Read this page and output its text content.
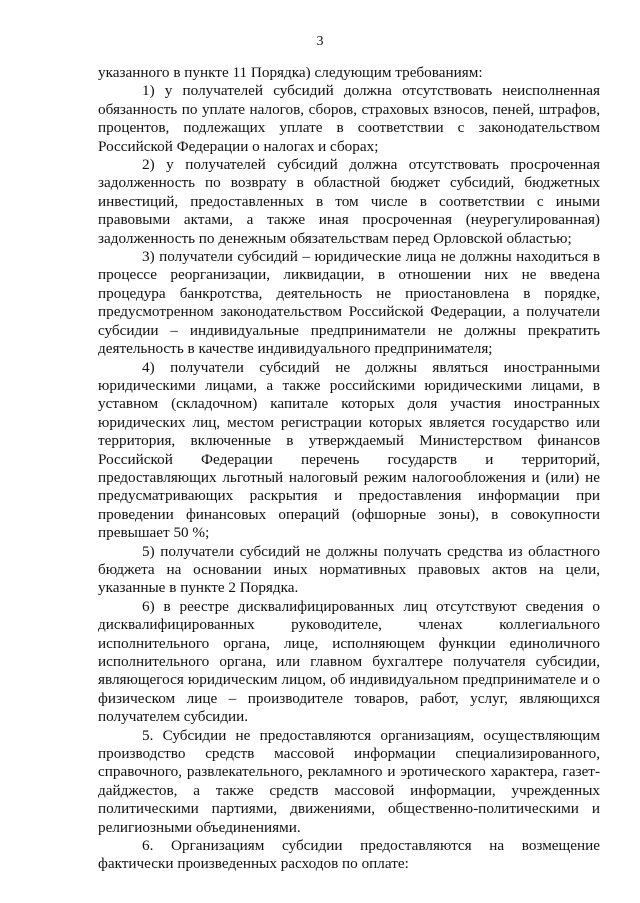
3

указанного в пункте 11 Порядка) следующим требованиям:

1) у получателей субсидий должна отсутствовать неисполненная обязанность по уплате налогов, сборов, страховых взносов, пеней, штрафов, процентов, подлежащих уплате в соответствии с законодательством Российской Федерации о налогах и сборах;

2) у получателей субсидий должна отсутствовать просроченная задолженность по возврату в областной бюджет субсидий, бюджетных инвестиций, предоставленных в том числе в соответствии с иными правовыми актами, а также иная просроченная (неурегулированная) задолженность по денежным обязательствам перед Орловской областью;

3) получатели субсидий – юридические лица не должны находиться в процессе реорганизации, ликвидации, в отношении них не введена процедура банкротства, деятельность не приостановлена в порядке, предусмотренном законодательством Российской Федерации, а получатели субсидии – индивидуальные предприниматели не должны прекратить деятельность в качестве индивидуального предпринимателя;

4) получатели субсидий не должны являться иностранными юридическими лицами, а также российскими юридическими лицами, в уставном (складочном) капитале которых доля участия иностранных юридических лиц, местом регистрации которых является государство или территория, включенные в утверждаемый Министерством финансов Российской Федерации перечень государств и территорий, предоставляющих льготный налоговый режим налогообложения и (или) не предусматривающих раскрытия и предоставления информации при проведении финансовых операций (офшорные зоны), в совокупности превышает 50 %;

5) получатели субсидий не должны получать средства из областного бюджета на основании иных нормативных правовых актов на цели, указанные в пункте 2 Порядка.

6) в реестре дисквалифицированных лиц отсутствуют сведения о дисквалифицированных руководителе, членах коллегиального исполнительного органа, лице, исполняющем функции единоличного исполнительного органа, или главном бухгалтере получателя субсидии, являющегося юридическим лицом, об индивидуальном предпринимателе и о физическом лице – производителе товаров, работ, услуг, являющихся получателем субсидии.

5. Субсидии не предоставляются организациям, осуществляющим производство средств массовой информации специализированного, справочного, развлекательного, рекламного и эротического характера, газет-дайджестов, а также средств массовой информации, учрежденных политическими партиями, движениями, общественно-политическими и религиозными объединениями.

6. Организациям субсидии предоставляются на возмещение фактически произведенных расходов по оплате:
